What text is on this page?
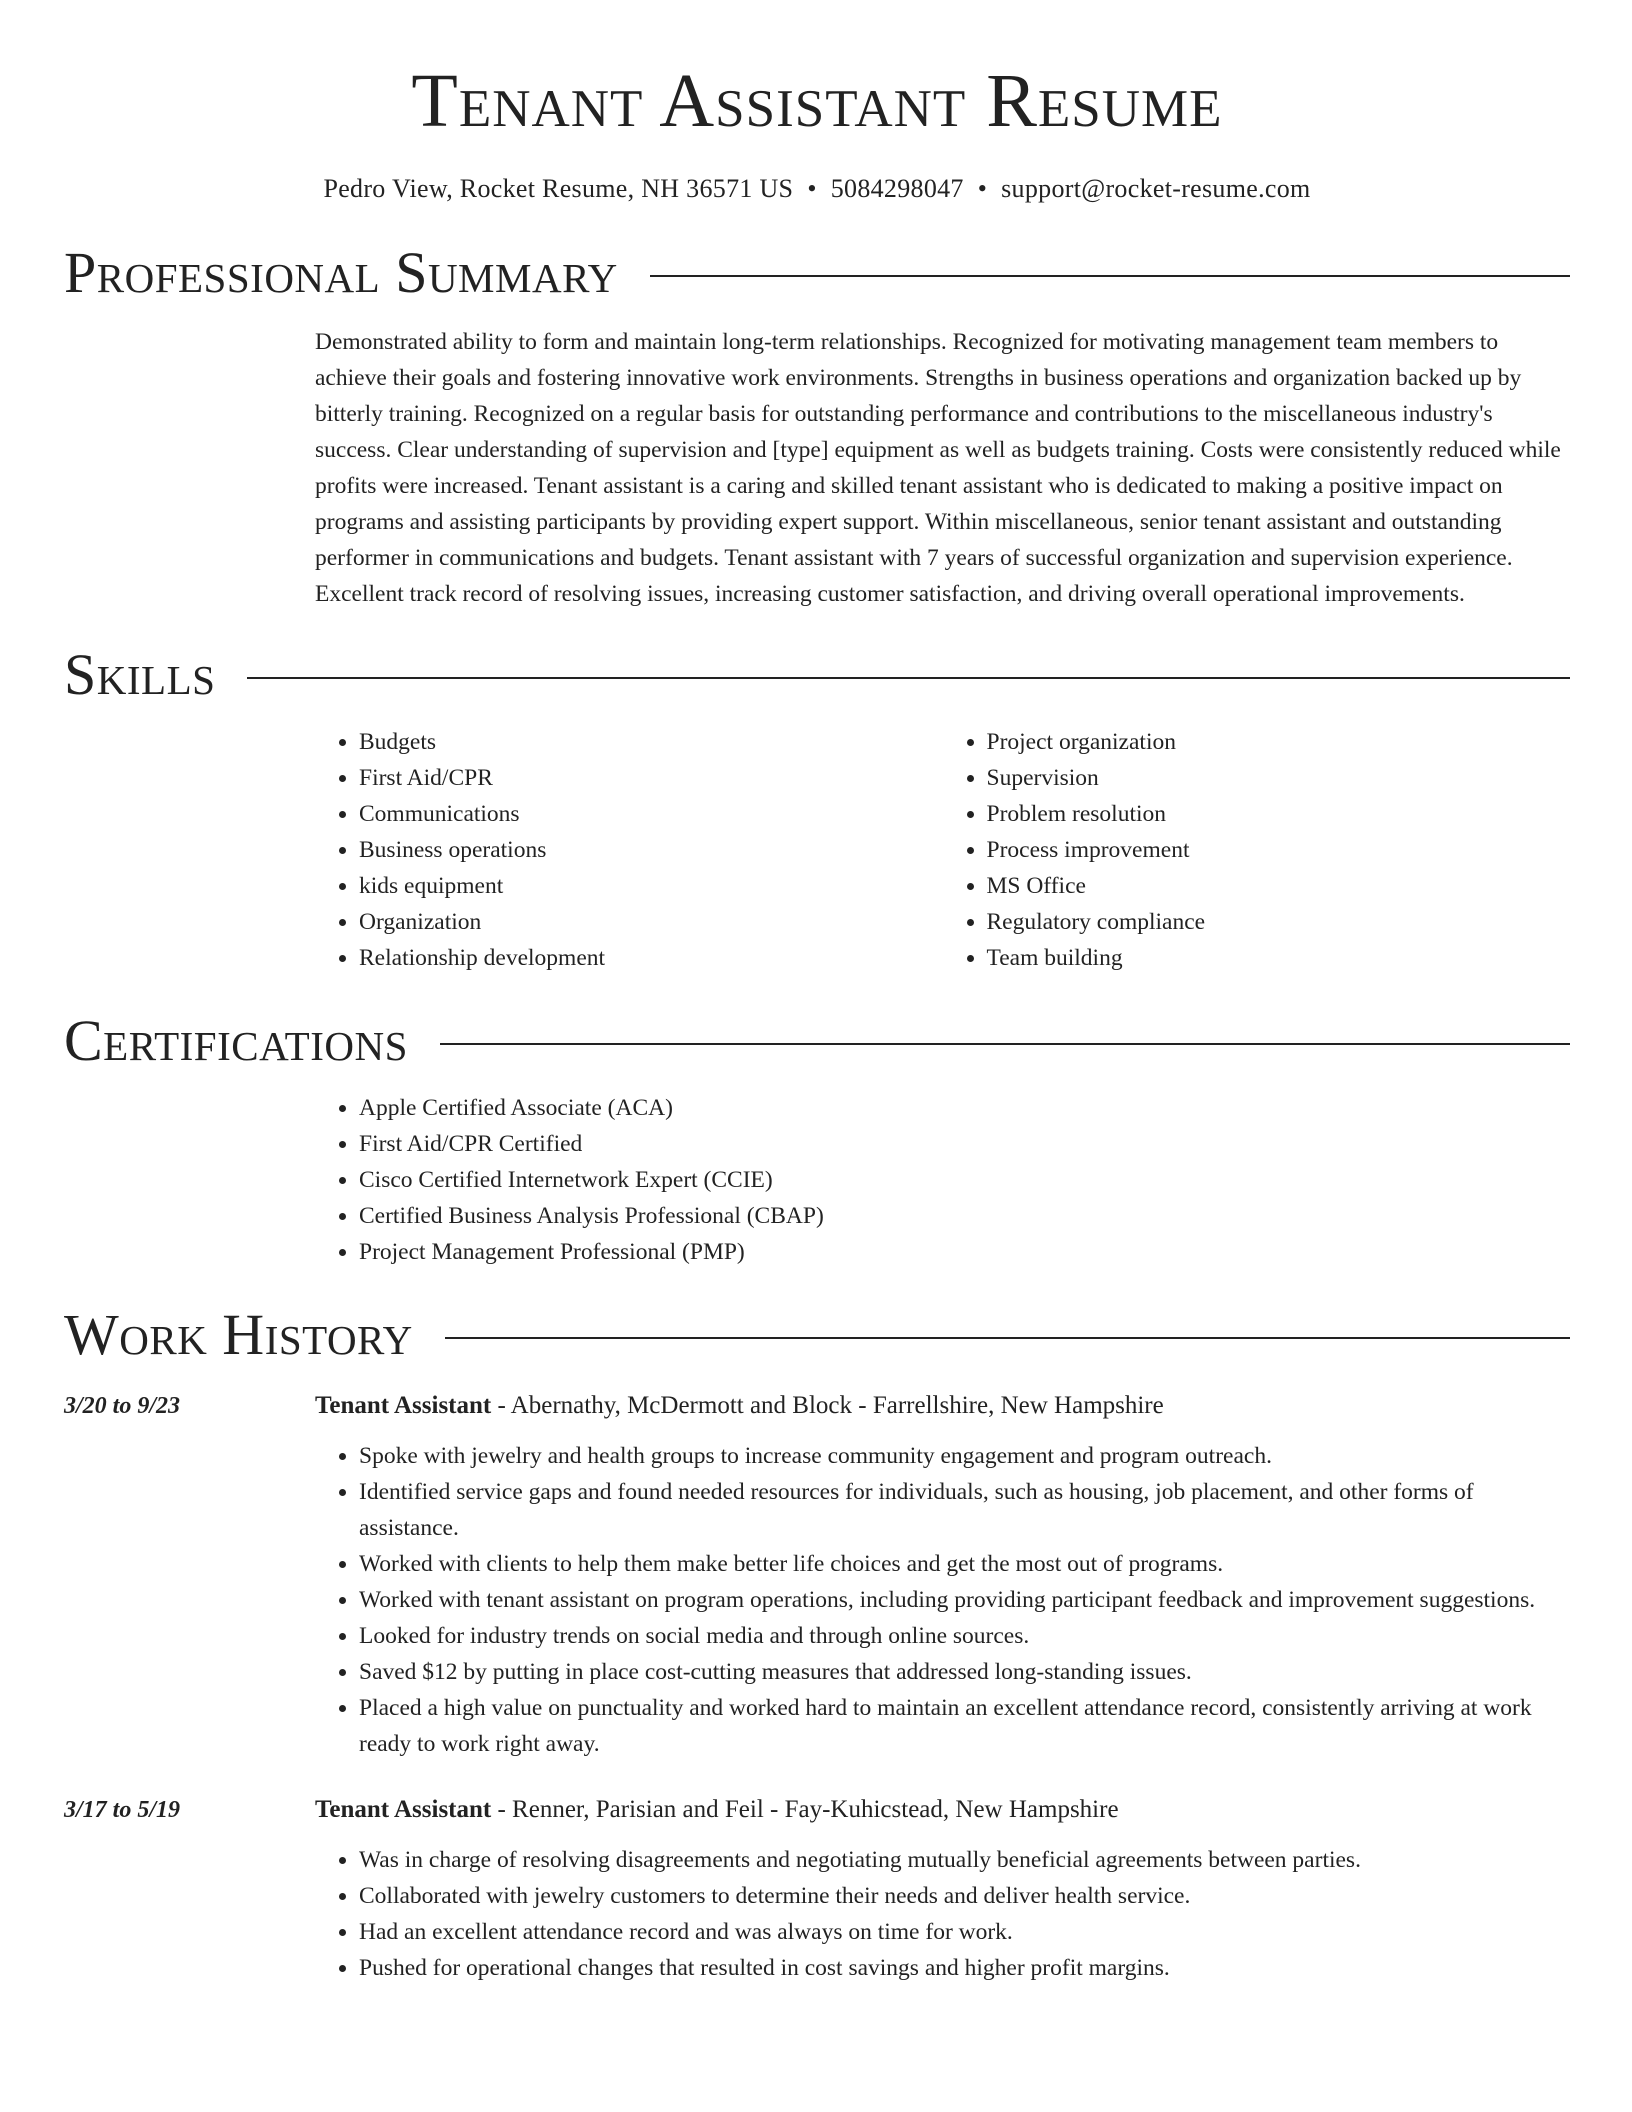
Tenant Assistant Resume
Pedro View, Rocket Resume, NH 36571 US • 5084298047 • support@rocket-resume.com
Professional Summary
Demonstrated ability to form and maintain long-term relationships. Recognized for motivating management team members to achieve their goals and fostering innovative work environments. Strengths in business operations and organization backed up by bitterly training. Recognized on a regular basis for outstanding performance and contributions to the miscellaneous industry's success. Clear understanding of supervision and [type] equipment as well as budgets training. Costs were consistently reduced while profits were increased. Tenant assistant is a caring and skilled tenant assistant who is dedicated to making a positive impact on programs and assisting participants by providing expert support. Within miscellaneous, senior tenant assistant and outstanding performer in communications and budgets. Tenant assistant with 7 years of successful organization and supervision experience. Excellent track record of resolving issues, increasing customer satisfaction, and driving overall operational improvements.
Skills
• Budgets
• First Aid/CPR
• Communications
• Business operations
• kids equipment
• Organization
• Relationship development
• Project organization
• Supervision
• Problem resolution
• Process improvement
• MS Office
• Regulatory compliance
• Team building
Certifications
• Apple Certified Associate (ACA)
• First Aid/CPR Certified
• Cisco Certified Internetwork Expert (CCIE)
• Certified Business Analysis Professional (CBAP)
• Project Management Professional (PMP)
Work History
3/20 to 9/23	Tenant Assistant - Abernathy, McDermott and Block - Farrellshire, New Hampshire
• Spoke with jewelry and health groups to increase community engagement and program outreach.
• Identified service gaps and found needed resources for individuals, such as housing, job placement, and other forms of assistance.
• Worked with clients to help them make better life choices and get the most out of programs.
• Worked with tenant assistant on program operations, including providing participant feedback and improvement suggestions.
• Looked for industry trends on social media and through online sources.
• Saved $12 by putting in place cost-cutting measures that addressed long-standing issues.
• Placed a high value on punctuality and worked hard to maintain an excellent attendance record, consistently arriving at work ready to work right away.
3/17 to 5/19	Tenant Assistant - Renner, Parisian and Feil - Fay-Kuhicstead, New Hampshire
• Was in charge of resolving disagreements and negotiating mutually beneficial agreements between parties.
• Collaborated with jewelry customers to determine their needs and deliver health service.
• Had an excellent attendance record and was always on time for work.
• Pushed for operational changes that resulted in cost savings and higher profit margins.
